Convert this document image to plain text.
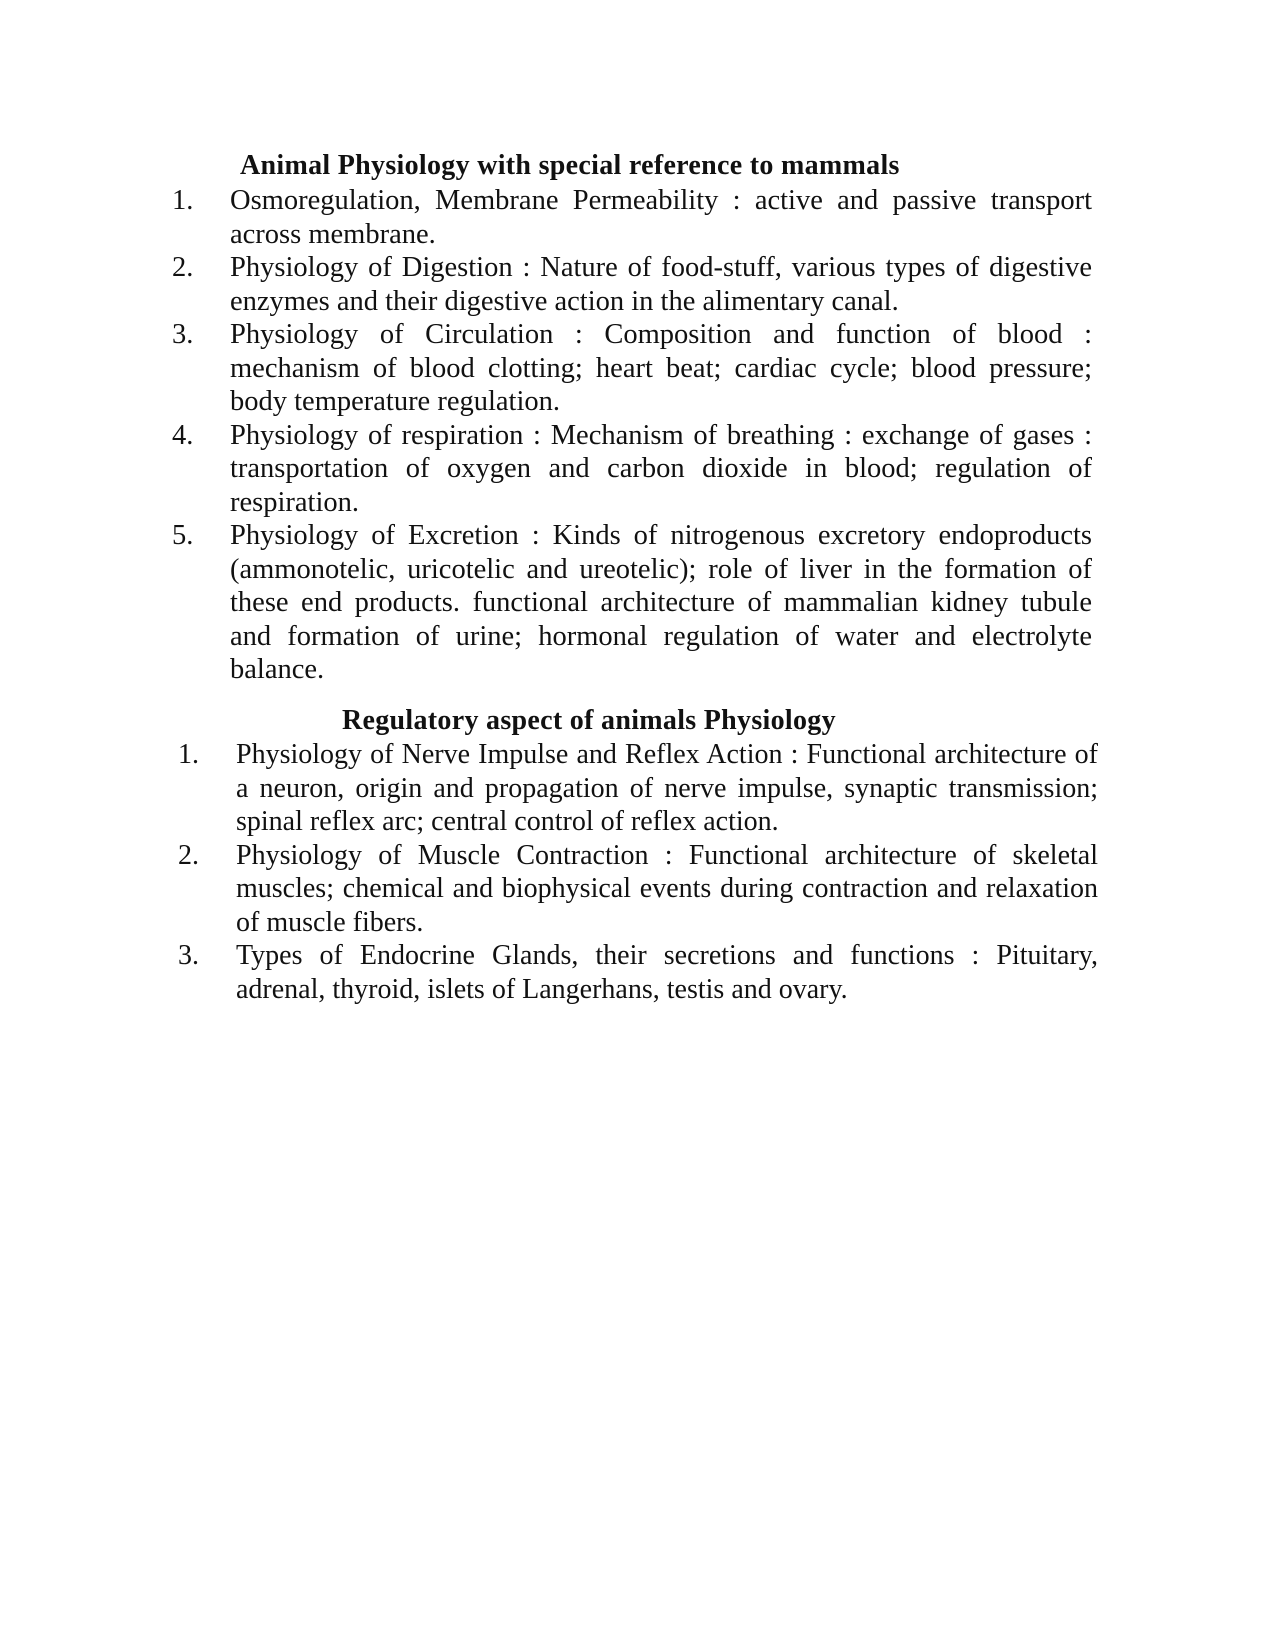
Animal Physiology with special reference to mammals
1.	Osmoregulation, Membrane Permeability : active and passive transport across membrane.
2.	Physiology of Digestion : Nature of food-stuff, various types of digestive enzymes and their digestive action in the alimentary canal.
3.	Physiology of Circulation : Composition and function of blood : mechanism of blood clotting; heart beat; cardiac cycle; blood pressure; body temperature regulation.
4.	Physiology of respiration : Mechanism of breathing : exchange of gases : transportation of oxygen and carbon dioxide in blood; regulation of respiration.
5.	Physiology of Excretion : Kinds of nitrogenous excretory endoproducts (ammonotelic, uricotelic and ureotelic); role of liver in the formation of these end products. functional architecture of mammalian kidney tubule and formation of urine; hormonal regulation of water and electrolyte balance.
Regulatory aspect of animals Physiology
1.	Physiology of Nerve Impulse and Reflex Action : Functional architecture of a neuron, origin and propagation of nerve impulse, synaptic transmission; spinal reflex arc; central control of reflex action.
2.	Physiology of Muscle Contraction : Functional architecture of skeletal muscles; chemical and biophysical events during contraction and relaxation of muscle fibers.
3.	Types of Endocrine Glands, their secretions and functions : Pituitary, adrenal, thyroid, islets of Langerhans, testis and ovary.
